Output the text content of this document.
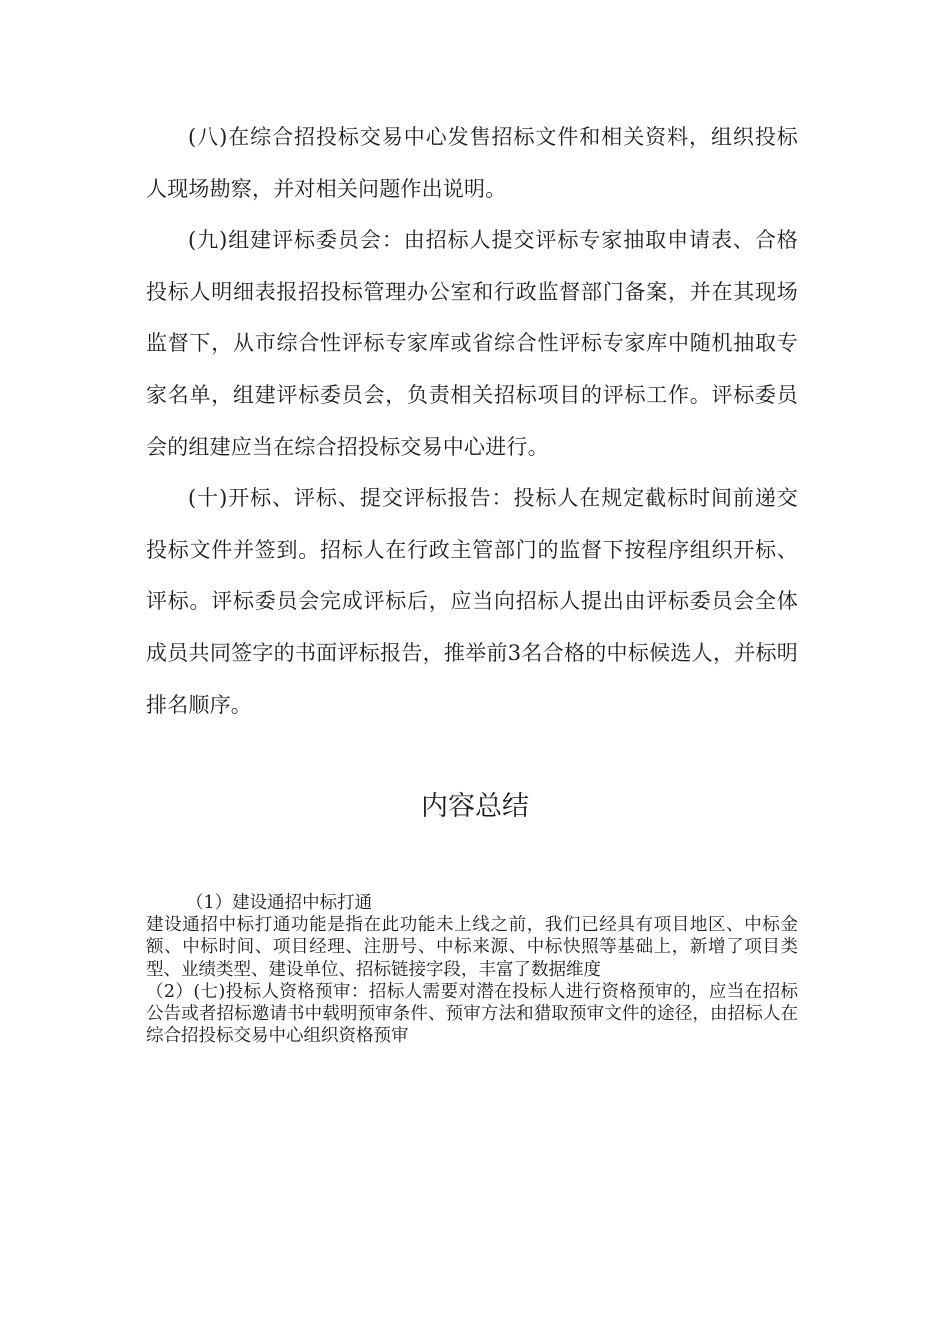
(八)在综合招投标交易中心发售招标文件和相关资料，组织投标人现场勘察，并对相关问题作出说明。

(九)组建评标委员会：由招标人提交评标专家抽取申请表、合格投标人明细表报招投标管理办公室和行政监督部门备案，并在其现场监督下，从市综合性评标专家库或省综合性评标专家库中随机抽取专家名单，组建评标委员会，负责相关招标项目的评标工作。评标委员会的组建应当在综合招投标交易中心进行。

(十)开标、评标、提交评标报告：投标人在规定截标时间前递交投标文件并签到。招标人在行政主管部门的监督下按程序组织开标、评标。评标委员会完成评标后，应当向招标人提出由评标委员会全体成员共同签字的书面评标报告，推举前3名合格的中标候选人，并标明排名顺序。

内容总结

（1）建设通招中标打通

建设通招中标打通功能是指在此功能未上线之前，我们已经具有项目地区、中标金额、中标时间、项目经理、注册号、中标来源、中标快照等基础上，新增了项目类型、业绩类型、建设单位、招标链接字段，丰富了数据维度

（2）(七)投标人资格预审：招标人需要对潜在投标人进行资格预审的，应当在招标公告或者招标邀请书中载明预审条件、预审方法和猎取预审文件的途径，由招标人在综合招投标交易中心组织资格预审
